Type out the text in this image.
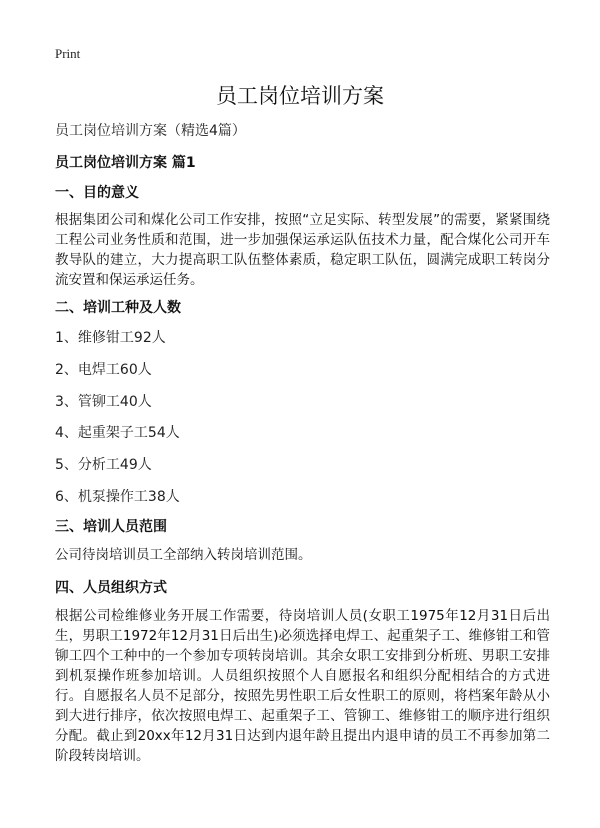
Print
员工岗位培训方案
员工岗位培训方案（精选4篇）
员工岗位培训方案 篇1
一、目的意义

根据集团公司和煤化公司工作安排，按照“立足实际、转型发展”的需要，紧紧围绕工程公司业务性质和范围，进一步加强保运承运队伍技术力量，配合煤化公司开车教导队的建立，大力提高职工队伍整体素质，稳定职工队伍，圆满完成职工转岗分流安置和保运承运任务。

二、培训工种及人数
1、维修钳工92人
2、电焊工60人
3、管铆工40人
4、起重架子工54人
5、分析工49人
6、机泵操作工38人
三、培训人员范围

公司待岗培训员工全部纳入转岗培训范围。

四、人员组织方式

根据公司检维修业务开展工作需要，待岗培训人员(女职工1975年12月31日后出生，男职工1972年12月31日后出生)必须选择电焊工、起重架子工、维修钳工和管铆工四个工种中的一个参加专项转岗培训。其余女职工安排到分析班、男职工安排到机泵操作班参加培训。人员组织按照个人自愿报名和组织分配相结合的方式进行。自愿报名人员不足部分，按照先男性职工后女性职工的原则，将档案年龄从小到大进行排序，依次按照电焊工、起重架子工、管铆工、维修钳工的顺序进行组织分配。截止到20xx年12月31日达到内退年龄且提出内退申请的员工不再参加第二阶段转岗培训。
